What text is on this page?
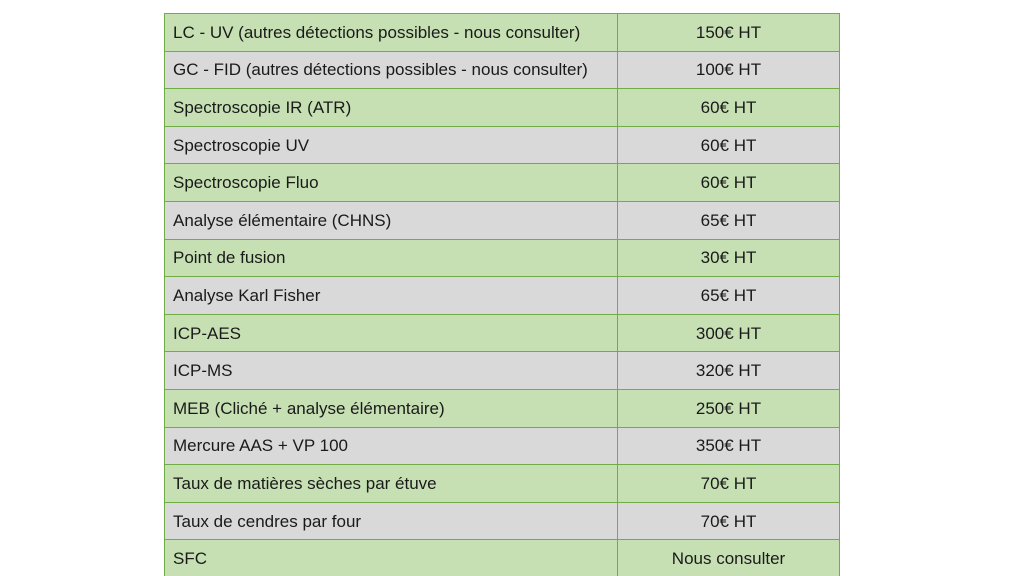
LC - UV (autres détections possibles - nous consulter)	150€ HT
GC - FID (autres détections possibles - nous consulter)	100€ HT
Spectroscopie IR (ATR)	60€ HT
Spectroscopie UV	60€ HT
Spectroscopie Fluo	60€ HT
Analyse élémentaire (CHNS)	65€ HT
Point de fusion	30€ HT
Analyse Karl Fisher	65€ HT
ICP-AES	300€ HT
ICP-MS	320€ HT
MEB (Cliché + analyse élémentaire)	250€ HT
Mercure AAS + VP 100	350€ HT
Taux de matières sèches par étuve	70€ HT
Taux de cendres par four	70€ HT
SFC	Nous consulter
